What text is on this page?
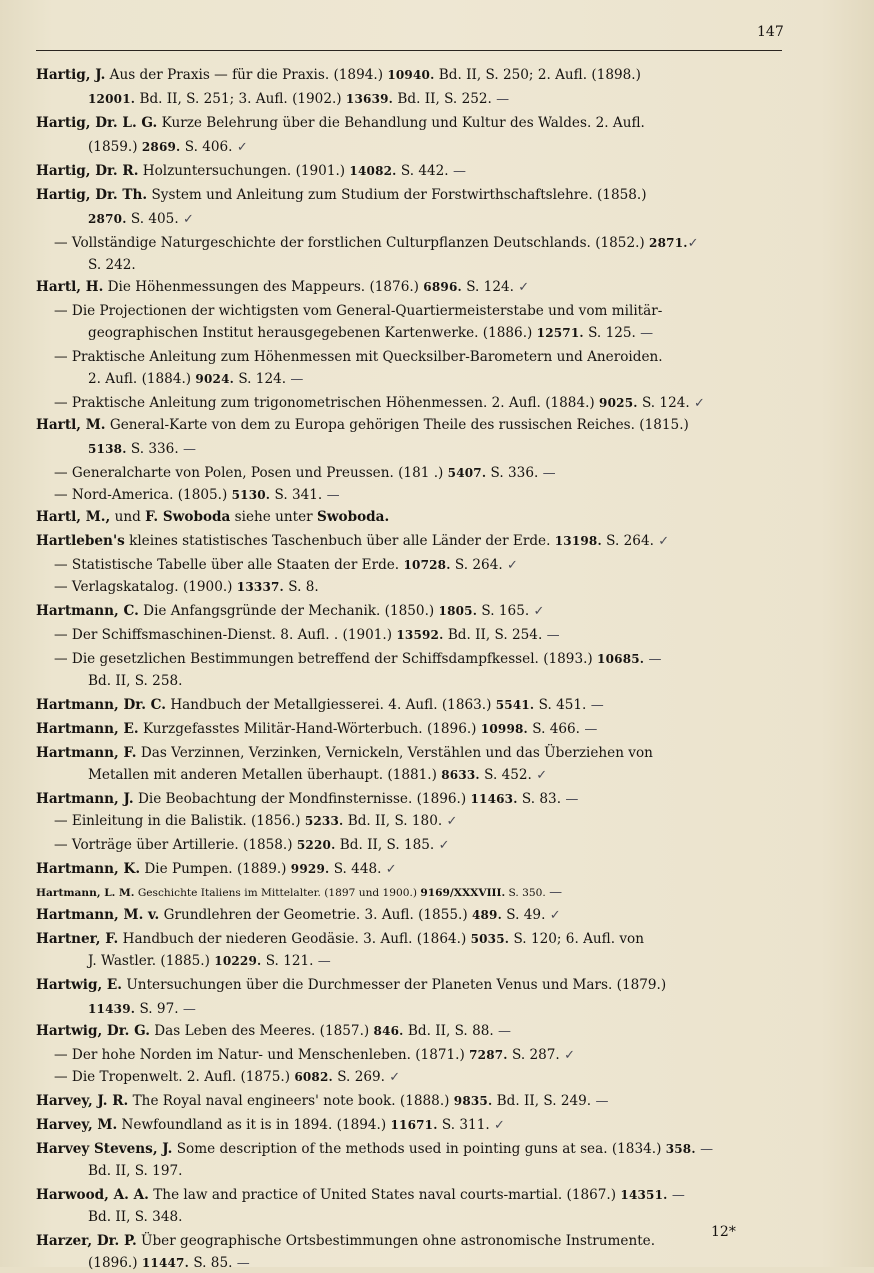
147
Hartig, J. Aus der Praxis — für die Praxis. (1894.) 10940. Bd. II, S. 250; 2. Aufl. (1898.)
12001. Bd. II, S. 251; 3. Aufl. (1902.) 13639. Bd. II, S. 252. —
Hartig, Dr. L. G. Kurze Belehrung über die Behandlung und Kultur des Waldes. 2. Aufl.
(1859.) 2869. S. 406. ✓
Hartig, Dr. R. Holzuntersuchungen. (1901.) 14082. S. 442. —
Hartig, Dr. Th. System und Anleitung zum Studium der Forstwirthschaftslehre. (1858.)
2870. S. 405. ✓
— Vollständige Naturgeschichte der forstlichen Culturpflanzen Deutschlands. (1852.) 2871.✓
S. 242.
Hartl, H. Die Höhenmessungen des Mappeurs. (1876.) 6896. S. 124. ✓
— Die Projectionen der wichtigsten vom General-Quartiermeisterstabe und vom militär-
geographischen Institut herausgegebenen Kartenwerke. (1886.) 12571. S. 125. —
— Praktische Anleitung zum Höhenmessen mit Quecksilber-Barometern und Aneroiden.
2. Aufl. (1884.) 9024. S. 124. —
— Praktische Anleitung zum trigonometrischen Höhenmessen. 2. Aufl. (1884.) 9025. S. 124. ✓
Hartl, M. General-Karte von dem zu Europa gehörigen Theile des russischen Reiches. (1815.)
5138. S. 336. —
— Generalcharte von Polen, Posen und Preussen. (181 .) 5407. S. 336. —
— Nord-America. (1805.) 5130. S. 341. —
Hartl, M., und F. Swoboda siehe unter Swoboda.
Hartleben's kleines statistisches Taschenbuch über alle Länder der Erde. 13198. S. 264. ✓
— Statistische Tabelle über alle Staaten der Erde. 10728. S. 264. ✓
— Verlagskatalog. (1900.) 13337. S. 8.
Hartmann, C. Die Anfangsgründe der Mechanik. (1850.) 1805. S. 165. ✓
— Der Schiffsmaschinen-Dienst. 8. Aufl. . (1901.) 13592. Bd. II, S. 254. —
— Die gesetzlichen Bestimmungen betreffend der Schiffsdampfkessel. (1893.) 10685. —
Bd. II, S. 258.
Hartmann, Dr. C. Handbuch der Metallgiesserei. 4. Aufl. (1863.) 5541. S. 451. —
Hartmann, E. Kurzgefasstes Militär-Hand-Wörterbuch. (1896.) 10998. S. 466. —
Hartmann, F. Das Verzinnen, Verzinken, Vernickeln, Verstählen und das Überziehen von
Metallen mit anderen Metallen überhaupt. (1881.) 8633. S. 452. ✓
Hartmann, J. Die Beobachtung der Mondfinsternisse. (1896.) 11463. S. 83. —
— Einleitung in die Balistik. (1856.) 5233. Bd. II, S. 180. ✓
— Vorträge über Artillerie. (1858.) 5220. Bd. II, S. 185. ✓
Hartmann, K. Die Pumpen. (1889.) 9929. S. 448. ✓
Hartmann, L. M. Geschichte Italiens im Mittelalter. (1897 und 1900.) 9169/XXXVIII. S. 350. —
Hartmann, M. v. Grundlehren der Geometrie. 3. Aufl. (1855.) 489. S. 49. ✓
Hartner, F. Handbuch der niederen Geodäsie. 3. Aufl. (1864.) 5035. S. 120; 6. Aufl. von
J. Wastler. (1885.) 10229. S. 121. —
Hartwig, E. Untersuchungen über die Durchmesser der Planeten Venus und Mars. (1879.)
11439. S. 97. —
Hartwig, Dr. G. Das Leben des Meeres. (1857.) 846. Bd. II, S. 88. —
— Der hohe Norden im Natur- und Menschenleben. (1871.) 7287. S. 287. ✓
— Die Tropenwelt. 2. Aufl. (1875.) 6082. S. 269. ✓
Harvey, J. R. The Royal naval engineers' note book. (1888.) 9835. Bd. II, S. 249. —
Harvey, M. Newfoundland as it is in 1894. (1894.) 11671. S. 311. ✓
Harvey Stevens, J. Some description of the methods used in pointing guns at sea. (1834.) 358. —
Bd. II, S. 197.
Harwood, A. A. The law and practice of United States naval courts-martial. (1867.) 14351. —
Bd. II, S. 348.
Harzer, Dr. P. Über geographische Ortsbestimmungen ohne astronomische Instrumente.
(1896.) 11447. S. 85. —
12*
